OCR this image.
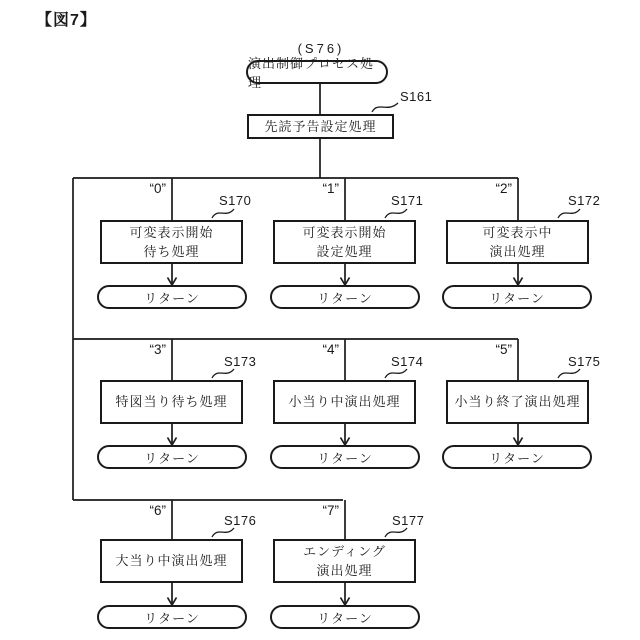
【図7】
(S76)
演出制御プロセス処理
S161
先読予告設定処理
“0”
S170
可変表示開始
待ち処理
リターン
“1”
S171
可変表示開始
設定処理
リターン
“2”
S172
可変表示中
演出処理
リターン
“3”
S173
特図当り待ち処理
リターン
“4”
S174
小当り中演出処理
リターン
“5”
S175
小当り終了演出処理
リターン
“6”
S176
大当り中演出処理
リターン
“7”
S177
エンディング
演出処理
リターン
